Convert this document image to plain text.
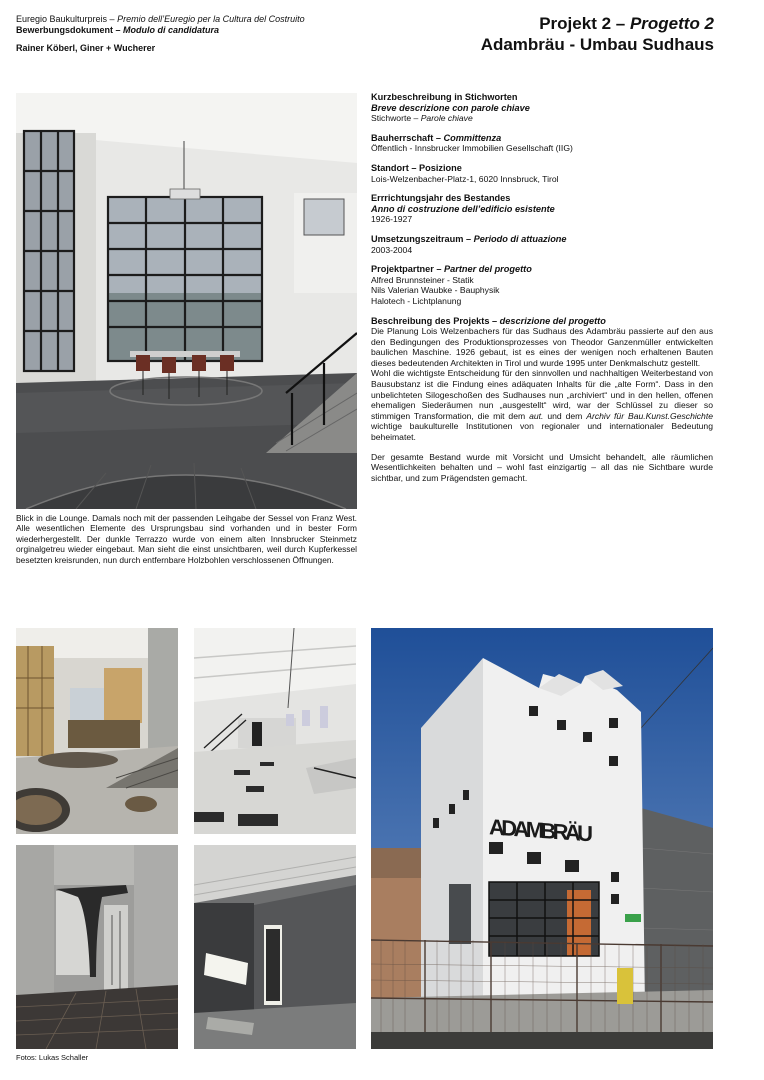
Euregio Baukulturpreis – Premio dell’Euregio per la Cultura del Costruito
Bewerbungsdokument – Modulo di candidatura
Rainer Köberl, Giner + Wucherer
Projekt 2 – Progetto 2
Adambräu - Umbau Sudhaus
Blick in die Lounge. Damals noch mit der passenden Leihgabe der Sessel von Franz West. Alle wesentlichen Elemente des Ursprungsbau sind vorhanden und in bester Form wiederhergestellt. Der dunkle Terrazzo wurde von einem alten Innsbrucker Steinmetz orginalgetreu wieder eingebaut. Man sieht die einst unsichtbaren, weil durch Kupferkessel besetzten kreisrunden, nun durch entfernbare Holzbohlen verschlossenen Öffnungen.
Kurzbeschreibung in Stichworten
Breve descrizione con parole chiave
Stichworte – Parole chiave
Bauherrschaft – Committenza
Öffentlich - Innsbrucker Immobilien Gesellschaft (IIG)
Standort – Posizione
Lois-Welzenbacher-Platz-1, 6020 Innsbruck, Tirol
Errrichtungsjahr des Bestandes
Anno di costruzione dell’edificio esistente
1926-1927
Umsetzungszeitraum – Periodo di attuazione
2003-2004
Projektpartner – Partner del progetto
Alfred Brunnsteiner - Statik
Nils Valerian Waubke - Bauphysik
Halotech - Lichtplanung
Beschreibung des Projekts – descrizione del progetto

Die Planung Lois Welzenbachers für das Sudhaus des Adambräu passierte auf den aus den Bedingungen des Produktionsprozesses von Theodor Ganzenmüller entwickelten baulichen Maschine. 1926 gebaut, ist es eines der wenigen noch erhaltenen Bauten dieses bedeutenden Architekten in Tirol und wurde 1995 unter Denkmalschutz gestellt.

Wohl die wichtigste Entscheidung für den sinnvollen und nachhaltigen Weiterbestand von Bausubstanz ist die Findung eines adäquaten Inhalts für die „alte Form“. Dass in den unbelichteten Silogeschoßen des Sudhauses nun „archiviert“ und in den hellen, offenen ehemaligen Siederäumen nun „ausgestellt“ wird, war der Schlüssel zu dieser so stimmigen Transformation, die mit dem aut. und dem Archiv für Bau.Kunst.Geschichte wichtige baukulturelle Institutionen von regionaler und internationaler Bedeutung beheimatet.

Der gesamte Bestand wurde mit Vorsicht und Umsicht behandelt, alle räumlichen Wesentlichkeiten behalten und – wohl fast einzigartig – all das nie Sichtbare wurde sichtbar, und zum Prägendsten gemacht.

ADAMBRÄU
Fotos: Lukas Schaller
